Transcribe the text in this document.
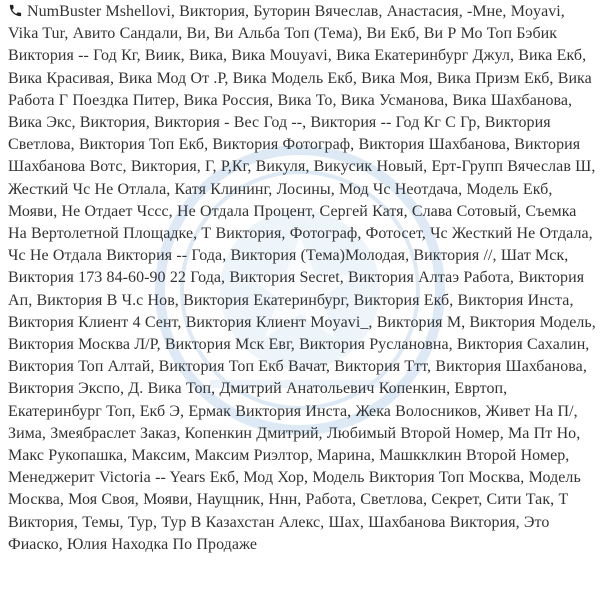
NumBuster Mshellovi, Виктория, Буторин Вячеслав, Анастасия, -Мне, Moyavi, Vika Tur, Авито Сандали, Ви, Ви Альба Топ (Тема), Ви Екб, Ви Р Мо Топ Бэбик Виктория -- Год Кг, Виик, Вика, Вика Mouyavi, Вика Екатеринбург Джул, Вика Екб, Вика Красивая, Вика Мод От .Р, Вика Модель Екб, Вика Моя, Вика Призм Екб, Вика Работа Г Поездка Питер, Вика Россия, Вика То, Вика Усманова, Вика Шахбанова, Вика Экс, Виктория, Виктория - Вес Год --, Виктория -- Год Кг С Гр, Виктория Светлова, Виктория Топ Екб, Виктория Фотограф, Виктория Шахбанова, Виктория Шахбанова Вотс, Виктория, Г, Р,Кг, Викуля, Викусик Новый, Ерт-Групп Вячеслав Ш, Жесткий Чс Не Отлала, Катя Клининг, Лосины, Мод Чс Неотдача, Модель Екб, Мояви, Не Отдает Чссс, Не Отдала Процент, Сергей Катя, Слава Сотовый, Съемка На Вертолетной Площадке, Т Виктория, Фотограф, Фотосет, Чс Жесткий Не Отдала, Чс Не Отдала Виктория -- Года, Виктория (Тема)Молодая, Виктория //, Шат Мск, Виктория 173 84-60-90 22 Года, Виктория Secret, Виктория Алтаэ Работа, Виктория Ап, Виктория В Ч.с Нов, Виктория Екатеринбург, Виктория Екб, Виктория Инста, Виктория Клиент 4 Сент, Виктория Клиент Moyavi_, Виктория М, Виктория Модель, Виктория Москва Л/Р, Виктория Мск Евг, Виктория Руслановна, Виктория Сахалин, Виктория Топ Алтай, Виктория Топ Екб Вачат, Виктория Ттт, Виктория Шахбанова, Виктория Экспо, Д. Вика Топ, Дмитрий Анатольевич Копенкин, Евртоп, Екатеринбург Топ, Екб Э, Ермак Виктория Инста, Жека Волосников, Живет На П/, Зима, Змеябраслет Заказ, Копенкин Дмитрий, Любимый Второй Номер, Ма Пт Но, Макс Рукопашка, Максим, Максим Риэлтор, Марина, Машкклкин Второй Номер, Менеджерит Victoria -- Years Екб, Мод Хор, Модель Виктория Топ Москва, Модель Москва, Моя Своя, Мояви, Наущник, Ннн, Работа, Светлова, Секрет, Сити Так, Т Виктория, Темы, Тур, Тур В Казахстан Алекс, Шах, Шахбанова Виктория, Это Фиаско, Юлия Находка По Продаже
